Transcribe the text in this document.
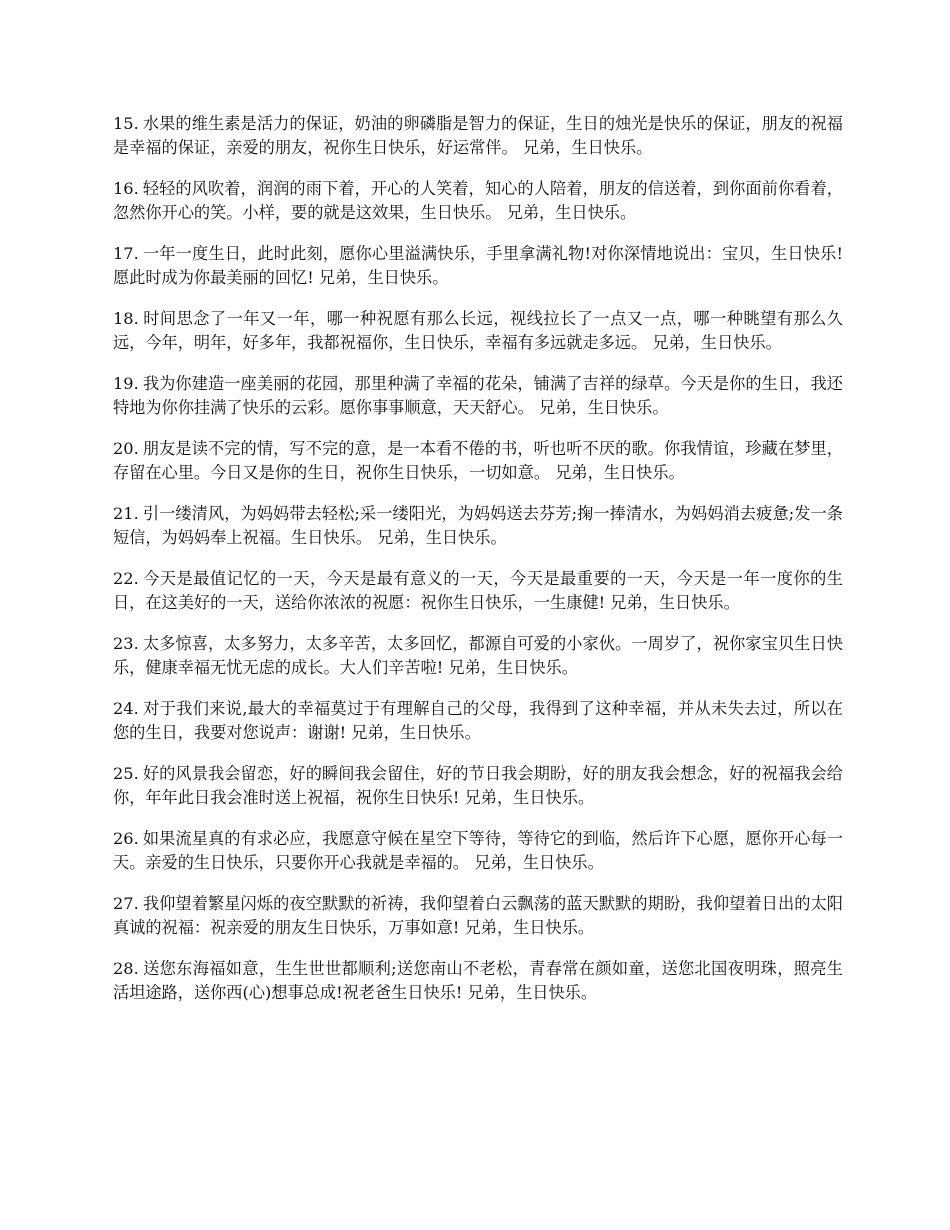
15. 水果的维生素是活力的保证，奶油的卵磷脂是智力的保证，生日的烛光是快乐的保证，朋友的祝福是幸福的保证，亲爱的朋友，祝你生日快乐，好运常伴。 兄弟，生日快乐。

16. 轻轻的风吹着，润润的雨下着，开心的人笑着，知心的人陪着，朋友的信送着，到你面前你看着，忽然你开心的笑。小样，要的就是这效果，生日快乐。 兄弟，生日快乐。

17. 一年一度生日，此时此刻，愿你心里溢满快乐，手里拿满礼物!对你深情地说出：宝贝，生日快乐!愿此时成为你最美丽的回忆! 兄弟，生日快乐。

18. 时间思念了一年又一年，哪一种祝愿有那么长远，视线拉长了一点又一点，哪一种眺望有那么久远，今年，明年，好多年，我都祝福你，生日快乐，幸福有多远就走多远。 兄弟，生日快乐。

19. 我为你建造一座美丽的花园，那里种满了幸福的花朵，铺满了吉祥的绿草。今天是你的生日，我还特地为你你挂满了快乐的云彩。愿你事事顺意，天天舒心。 兄弟，生日快乐。

20. 朋友是读不完的情，写不完的意，是一本看不倦的书，听也听不厌的歌。你我情谊，珍藏在梦里，存留在心里。今日又是你的生日，祝你生日快乐，一切如意。 兄弟，生日快乐。

21. 引一缕清风，为妈妈带去轻松;采一缕阳光，为妈妈送去芬芳;掬一捧清水，为妈妈消去疲惫;发一条短信，为妈妈奉上祝福。生日快乐。 兄弟，生日快乐。

22. 今天是最值记忆的一天，今天是最有意义的一天，今天是最重要的一天，今天是一年一度你的生日，在这美好的一天，送给你浓浓的祝愿：祝你生日快乐，一生康健! 兄弟，生日快乐。

23. 太多惊喜，太多努力，太多辛苦，太多回忆，都源自可爱的小家伙。一周岁了，祝你家宝贝生日快乐，健康幸福无忧无虑的成长。大人们辛苦啦! 兄弟，生日快乐。

24. 对于我们来说,最大的幸福莫过于有理解自己的父母，我得到了这种幸福，并从未失去过，所以在您的生日，我要对您说声：谢谢! 兄弟，生日快乐。

25. 好的风景我会留恋，好的瞬间我会留住，好的节日我会期盼，好的朋友我会想念，好的祝福我会给你，年年此日我会准时送上祝福，祝你生日快乐! 兄弟，生日快乐。

26. 如果流星真的有求必应，我愿意守候在星空下等待，等待它的到临，然后许下心愿，愿你开心每一天。亲爱的生日快乐，只要你开心我就是幸福的。 兄弟，生日快乐。

27. 我仰望着繁星闪烁的夜空默默的祈祷，我仰望着白云飘荡的蓝天默默的期盼，我仰望着日出的太阳真诚的祝福：祝亲爱的朋友生日快乐，万事如意! 兄弟，生日快乐。

28. 送您东海福如意，生生世世都顺利;送您南山不老松，青春常在颜如童，送您北国夜明珠，照亮生活坦途路，送你西(心)想事总成!祝老爸生日快乐! 兄弟，生日快乐。
